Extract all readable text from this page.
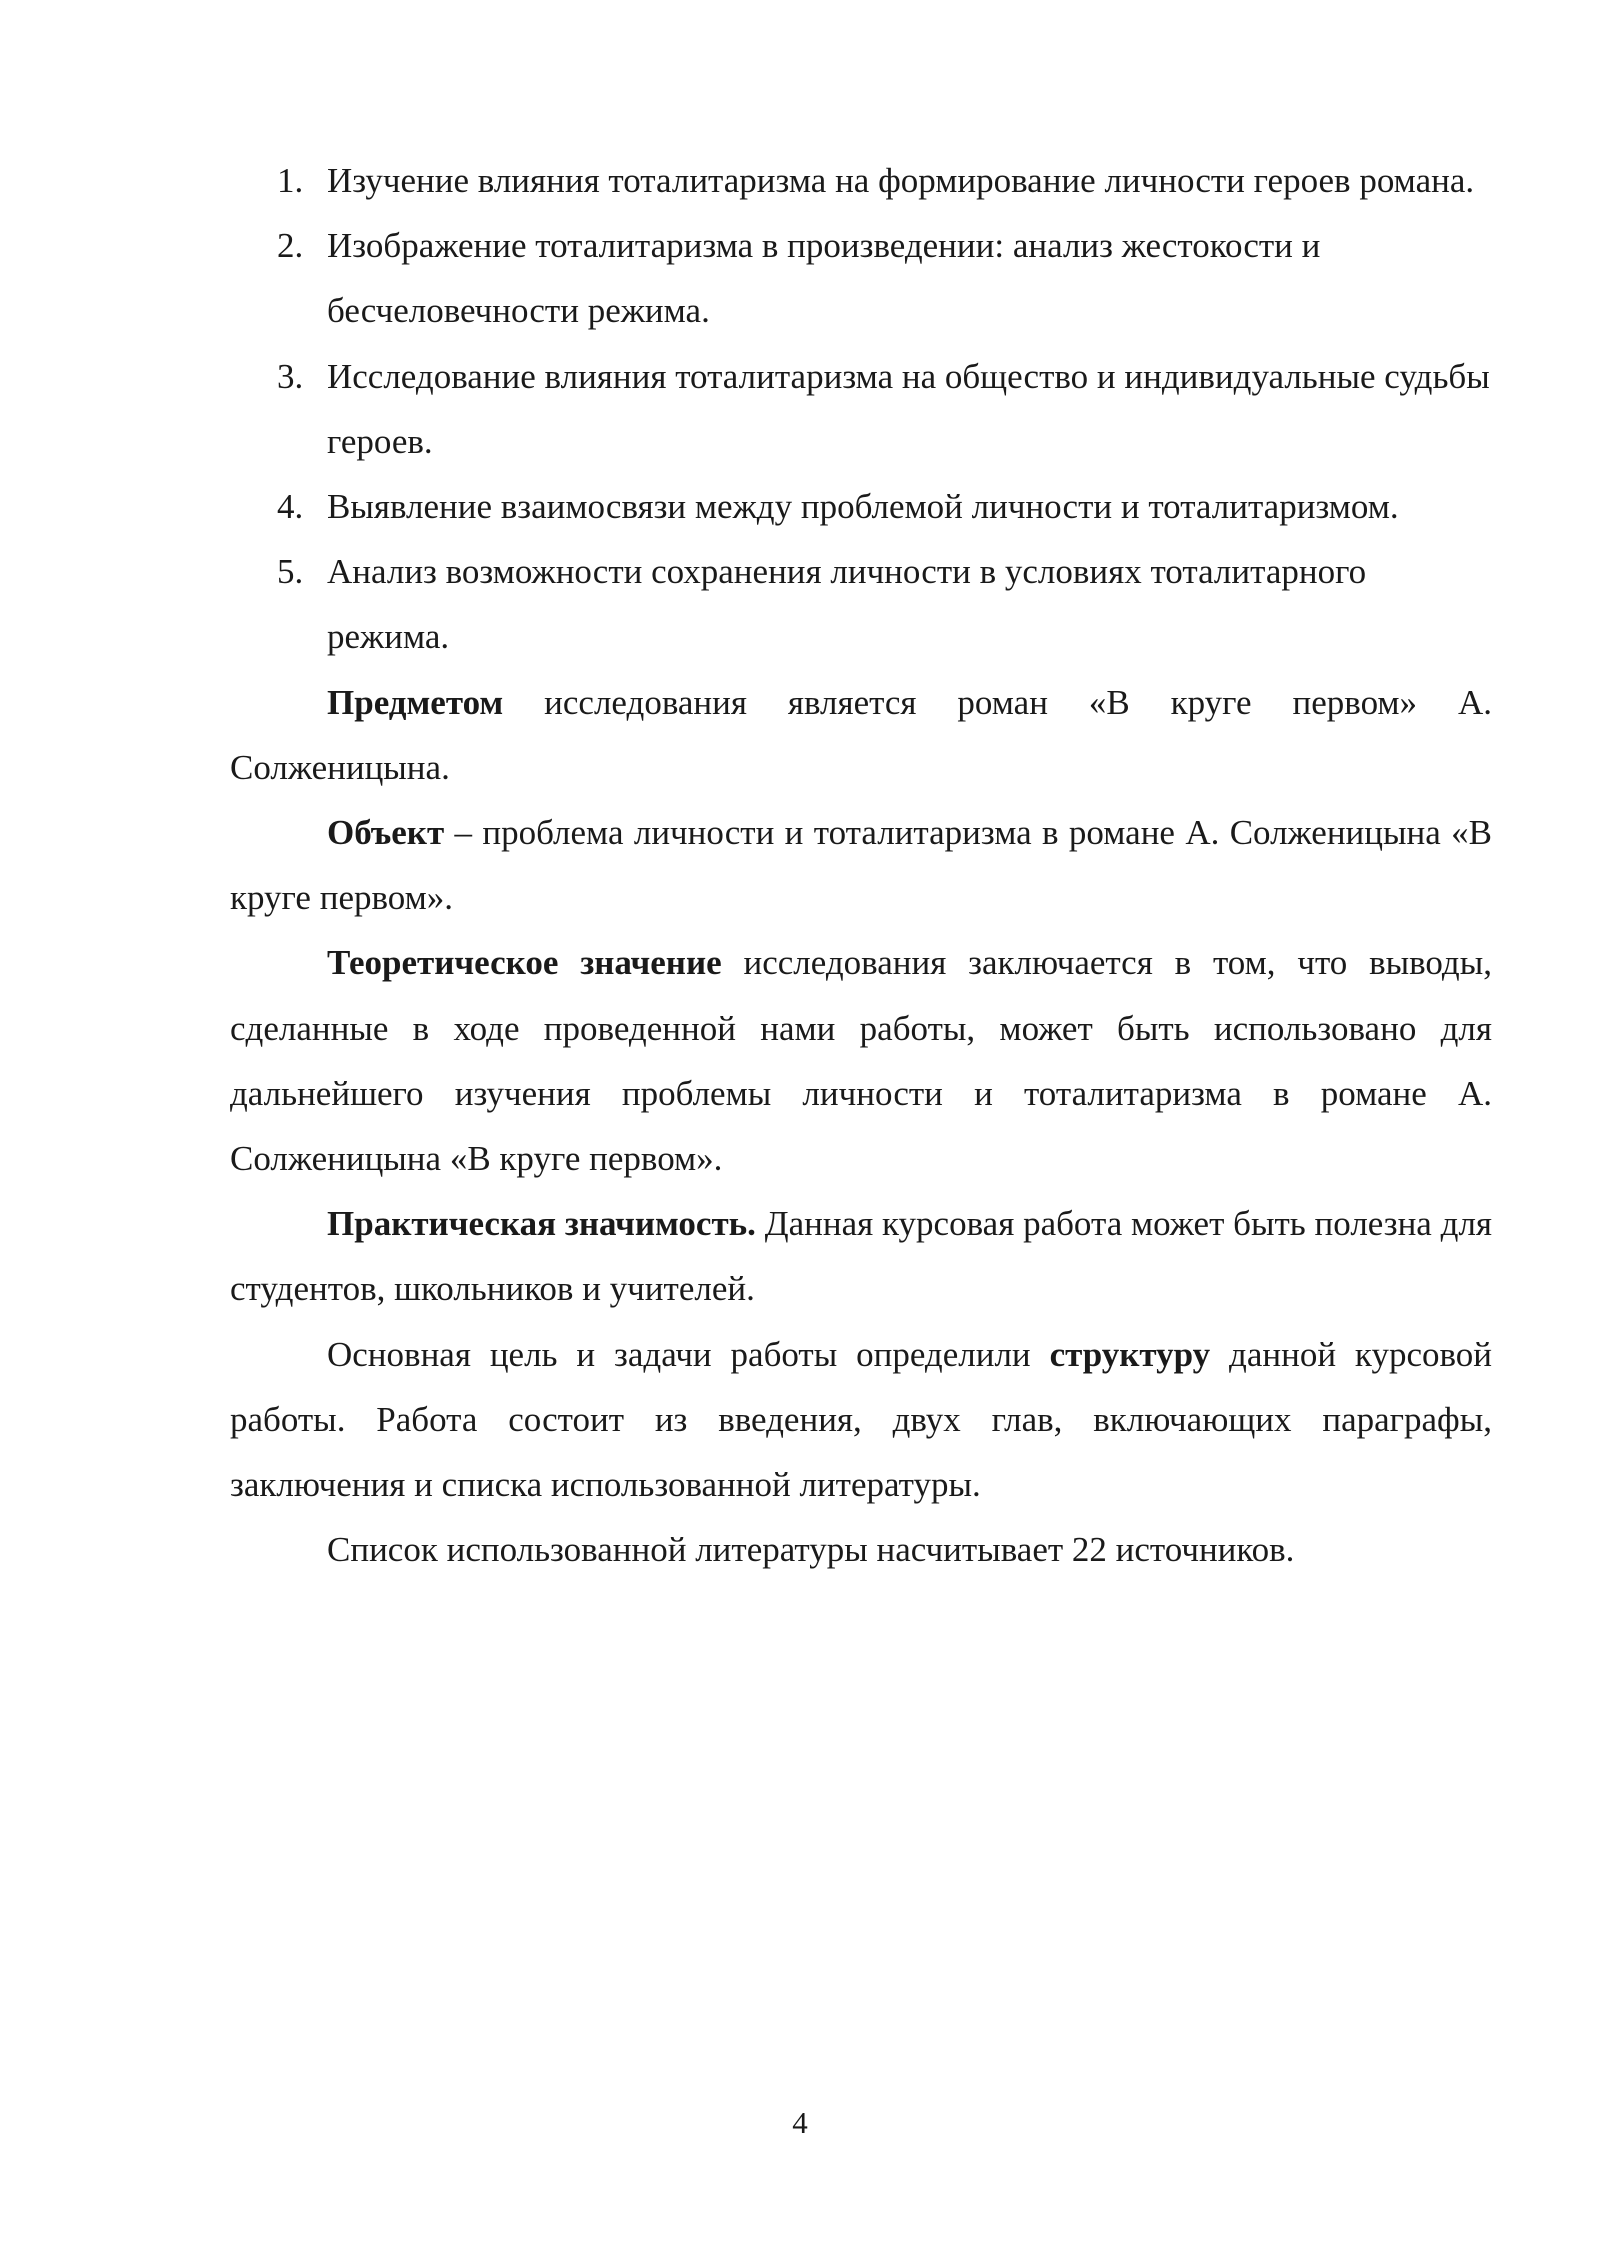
1. Изучение влияния тоталитаризма на формирование личности героев романа.
2. Изображение тоталитаризма в произведении: анализ жестокости и бесчеловечности режима.
3. Исследование влияния тоталитаризма на общество и индивидуальные судьбы героев.
4. Выявление взаимосвязи между проблемой личности и тоталитаризмом.
5. Анализ возможности сохранения личности в условиях тоталитарного режима.

Предметом исследования является роман «В круге первом» А. Солженицына.

Объект – проблема личности и тоталитаризма в романе А. Солженицына «В круге первом».

Теоретическое значение исследования заключается в том, что выводы, сделанные в ходе проведенной нами работы, может быть использовано для дальнейшего изучения проблемы личности и тоталитаризма в романе А. Солженицына «В круге первом».

Практическая значимость. Данная курсовая работа может быть полезна для студентов, школьников и учителей.

Основная цель и задачи работы определили структуру данной курсовой работы. Работа состоит из введения, двух глав, включающих параграфы, заключения и списка использованной литературы.

Список использованной литературы насчитывает 22 источников.

4
